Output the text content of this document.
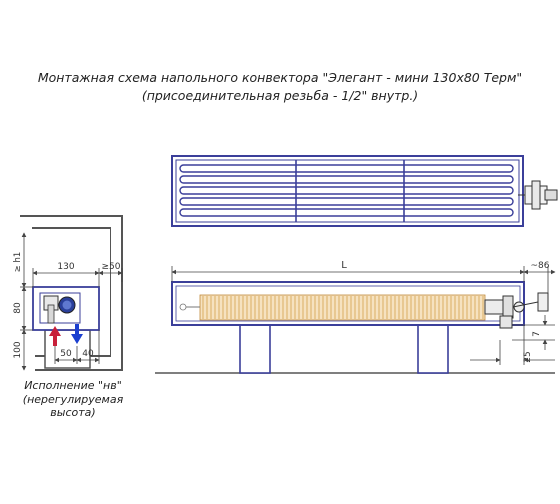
Монтажная схема напольного конвектора "Элегант - мини 130х80 Терм"
(присоединительная резьба - 1/2" внутр.)
130	≥50
≥ h1
80
100	50 40
L	~86
7
25
Исполнение "нв"
(нерегулируемая высота)
